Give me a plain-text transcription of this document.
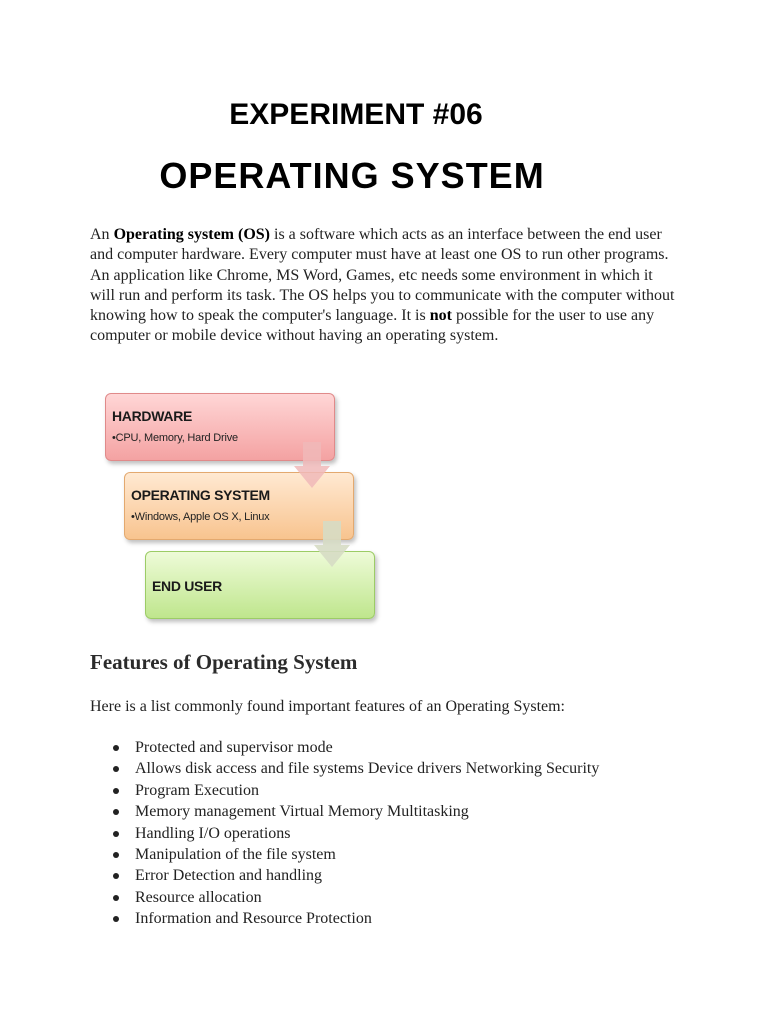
EXPERIMENT #06
OPERATING SYSTEM
An Operating system (OS) is a software which acts as an interface between the end user and computer hardware. Every computer must have at least one OS to run other programs. An application like Chrome, MS Word, Games, etc needs some environment in which it will run and perform its task. The OS helps you to communicate with the computer without knowing how to speak the computer's language. It is not possible for the user to use any computer or mobile device without having an operating system.
HARDWARE
•CPU, Memory, Hard Drive
OPERATING SYSTEM
•Windows, Apple OS X, Linux
END USER
Features of Operating System
Here is a list commonly found important features of an Operating System:
Protected and supervisor mode
Allows disk access and file systems Device drivers Networking Security
Program Execution
Memory management Virtual Memory Multitasking
Handling I/O operations
Manipulation of the file system
Error Detection and handling
Resource allocation
Information and Resource Protection
